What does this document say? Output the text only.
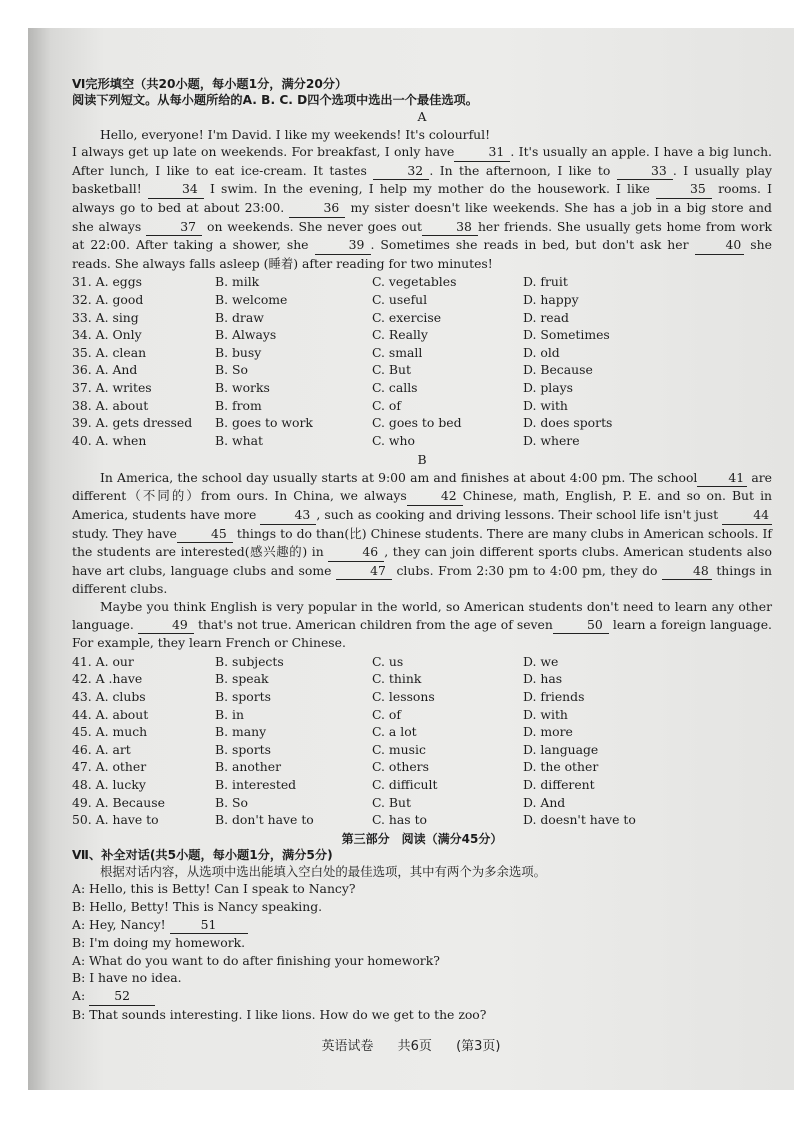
Ⅵ完形填空（共20小题，每小题1分，满分20分）
阅读下列短文。从每小题所给的A. B. C. D四个选项中选出一个最佳选项。
A

Hello, everyone! I'm David. I like my weekends! It's colourful!
I always get up late on weekends. For breakfast, I only have	31 . It's usually an apple. I have a big lunch. After lunch, I like to eat ice-cream. It tastes	32 . In the afternoon, I like to	33 . I usually play basketball!	34 I swim. In the evening, I help my mother do the housework. I like	35 rooms. I always go to bed at about 23:00.	36 my sister doesn't like weekends. She has a job in a big store and she always	37 on weekends. She never goes out	38 her friends. She usually gets home from work at 22:00. After taking a shower, she	39 . Sometimes she reads in bed, but don't ask her	40 she reads. She always falls asleep (睡着) after reading for two minutes!

31. A. eggs	B. milk	C. vegetables	D. fruit
32. A. good	B. welcome	C. useful	D. happy
33. A. sing	B. draw	C. exercise	D. read
34. A. Only	B. Always	C. Really	D. Sometimes
35. A. clean	B. busy	C. small	D. old
36. A. And	B. So	C. But	D. Because
37. A. writes	B. works	C. calls	D. plays
38. A. about	B. from	C. of	D. with
39. A. gets dressed	B. goes to work	C. goes to bed	D. does sports
40. A. when	B. what	C. who	D. where
B

In America, the school day usually starts at 9:00 am and finishes at about 4:00 pm. The school	41 are different（不同的）from ours. In China, we always	42 Chinese, math, English, P. E. and so on. But in America, students have more	43 , such as cooking and driving lessons. Their school life isn't just	44 study. They have	45 things to do than(比) Chinese students. There are many clubs in American schools. If the students are interested(感兴趣的) in	46 , they can join different sports clubs. American students also have art clubs, language clubs and some	47 clubs. From 2:30 pm to 4:00 pm, they do	48 things in different clubs.

Maybe you think English is very popular in the world, so American students don't need to learn any other language.	49 that's not true. American children from the age of seven	50 learn a foreign language. For example, they learn French or Chinese.

41. A. our	B. subjects	C. us	D. we
42. A .have	B. speak	C. think	D. has
43. A. clubs	B. sports	C. lessons	D. friends
44. A. about	B. in	C. of	D. with
45. A. much	B. many	C. a lot	D. more
46. A. art	B. sports	C. music	D. language
47. A. other	B. another	C. others	D. the other
48. A. lucky	B. interested	C. difficult	D. different
49. A. Because	B. So	C. But	D. And
50. A. have to	B. don't have to	C. has to	D. doesn't have to
第三部分　阅读（满分45分）
Ⅶ、补全对话(共5小题，每小题1分，满分5分)
根据对话内容，从选项中选出能填入空白处的最佳选项，其中有两个为多余选项。

A: Hello, this is Betty! Can I speak to Nancy?

B: Hello, Betty! This is Nancy speaking.

A: Hey, Nancy!	51

B: I'm doing my homework.

A: What do you want to do after finishing your homework?

B: I have no idea.

A: 52

B: That sounds interesting. I like lions. How do we get to the zoo?

英语试卷 共6页 (第3页)
